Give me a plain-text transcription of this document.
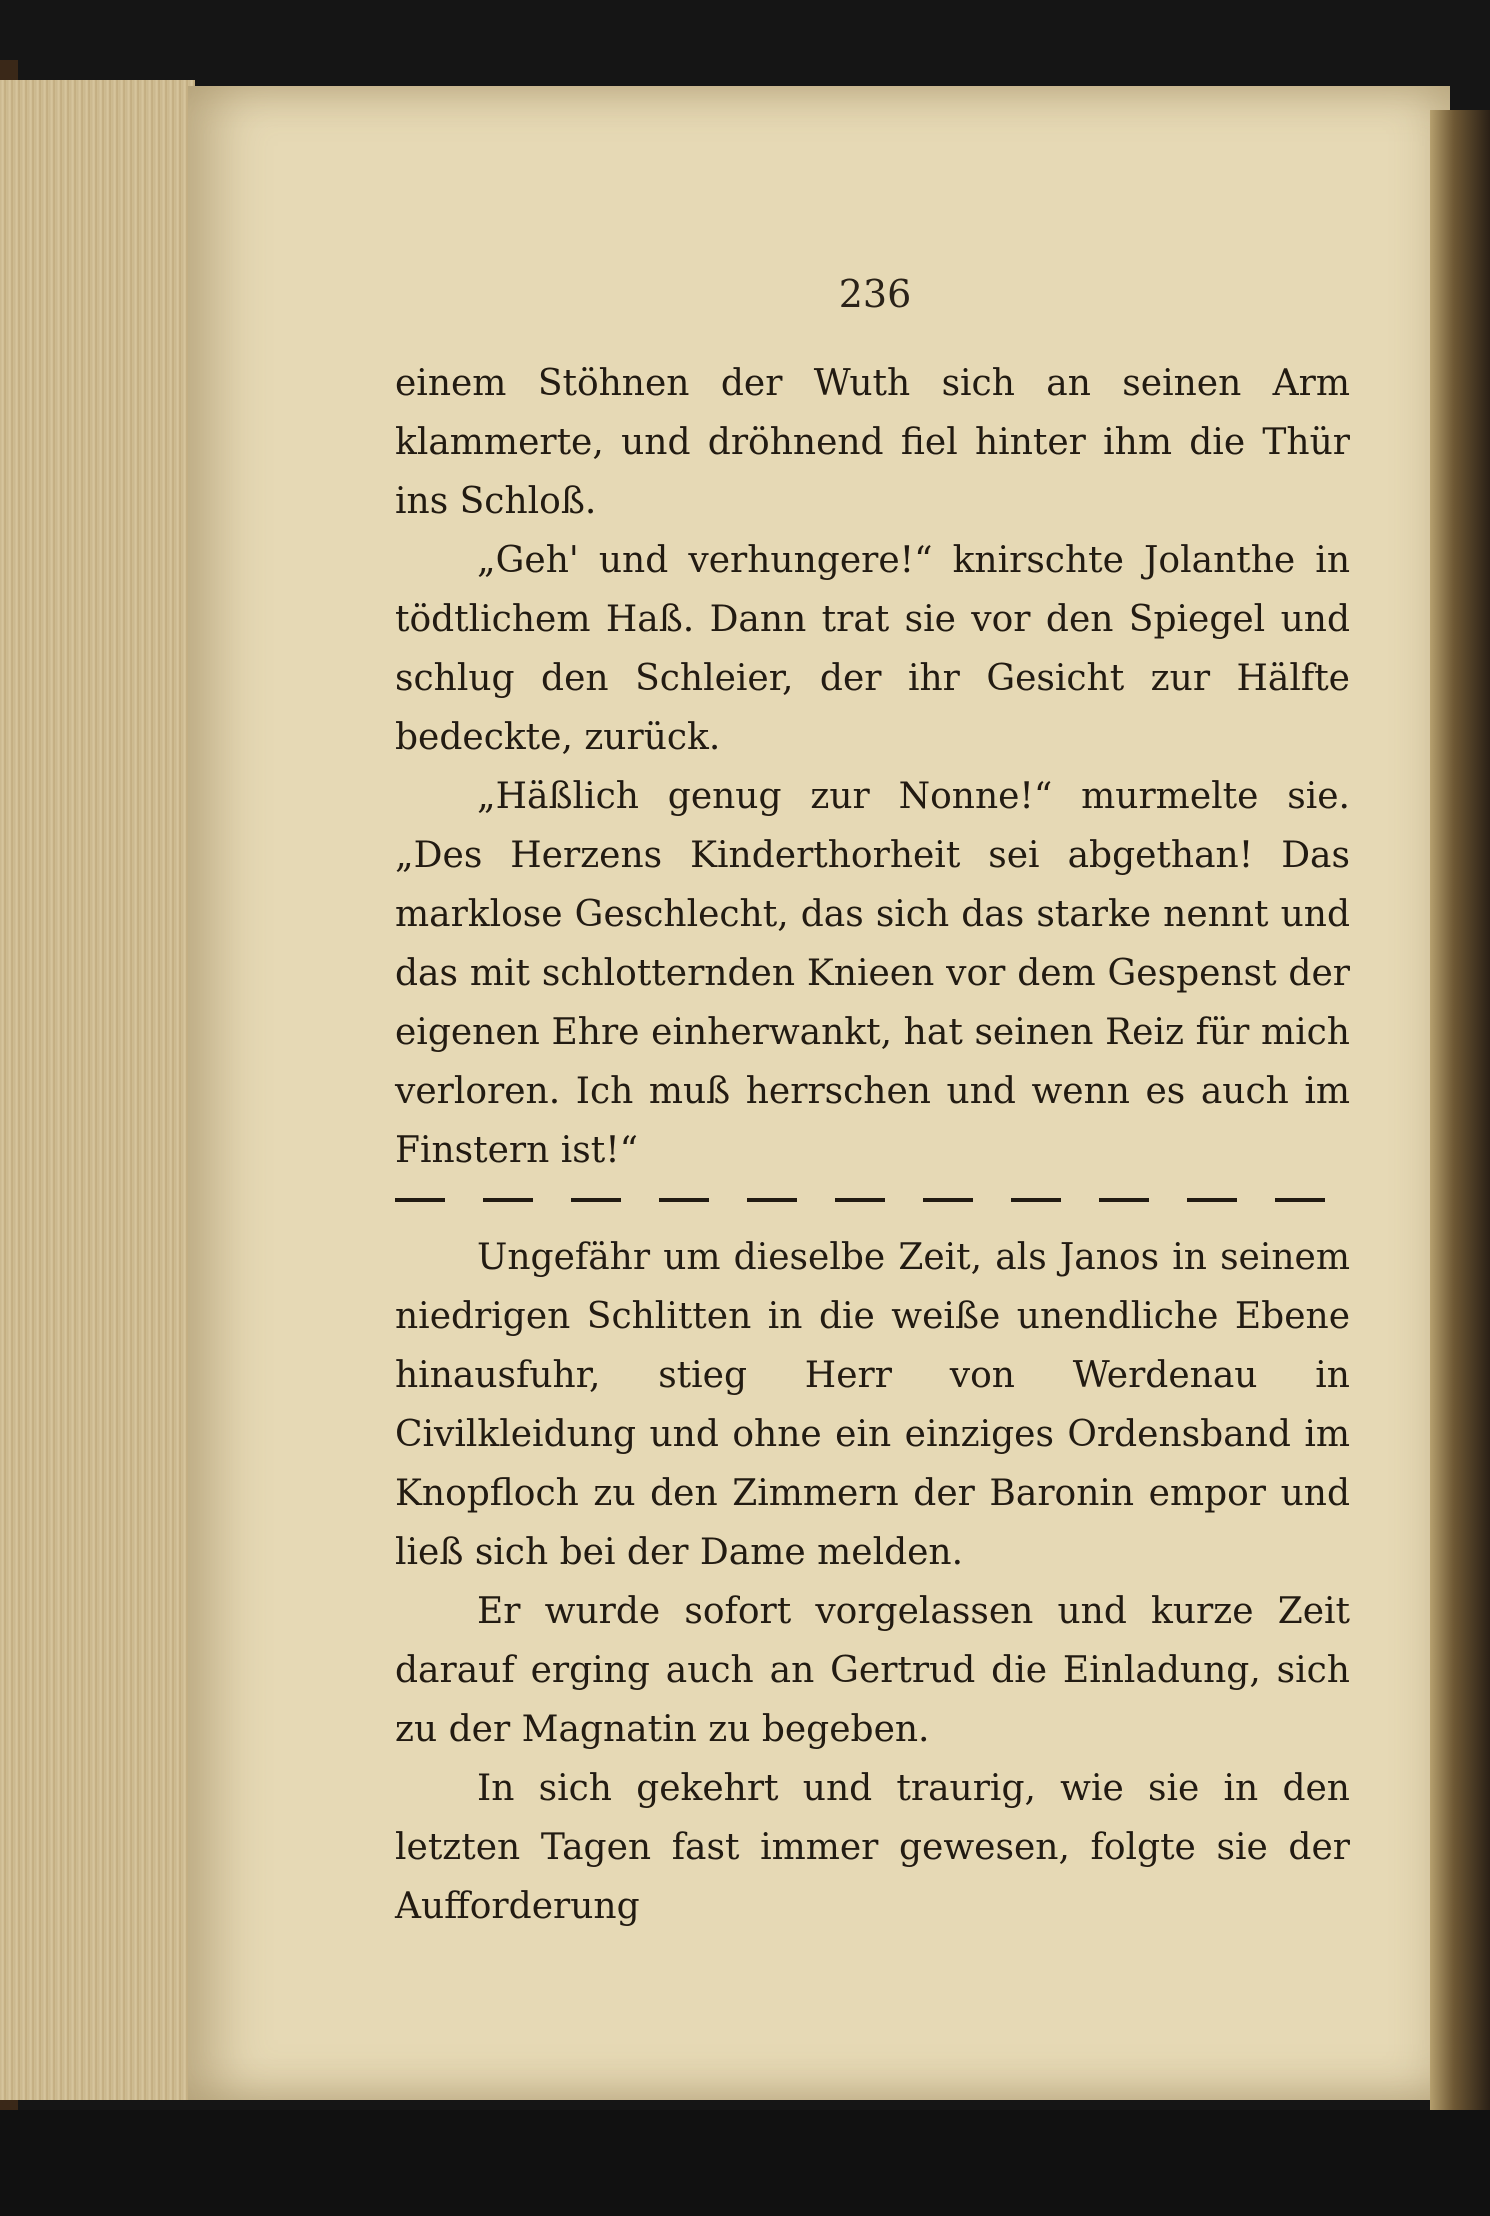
236

einem Stöhnen der Wuth sich an seinen Arm klammerte, und dröhnend fiel hinter ihm die Thür ins Schloß.

„Geh' und verhungere!“ knirschte Jolanthe in tödtlichem Haß. Dann trat sie vor den Spiegel und schlug den Schleier, der ihr Gesicht zur Hälfte bedeckte, zurück.

„Häßlich genug zur Nonne!“ murmelte sie. „Des Herzens Kinderthorheit sei abgethan! Das marklose Geschlecht, das sich das starke nennt und das mit schlotternden Knieen vor dem Gespenst der eigenen Ehre einherwankt, hat seinen Reiz für mich verloren. Ich muß herrschen und wenn es auch im Finstern ist!“

Ungefähr um dieselbe Zeit, als Janos in seinem niedrigen Schlitten in die weiße unendliche Ebene hinausfuhr, stieg Herr von Werdenau in Civilkleidung und ohne ein einziges Ordensband im Knopfloch zu den Zimmern der Baronin empor und ließ sich bei der Dame melden.

Er wurde sofort vorgelassen und kurze Zeit darauf erging auch an Gertrud die Einladung, sich zu der Magnatin zu begeben.

In sich gekehrt und traurig, wie sie in den letzten Tagen fast immer gewesen, folgte sie der Aufforderung
